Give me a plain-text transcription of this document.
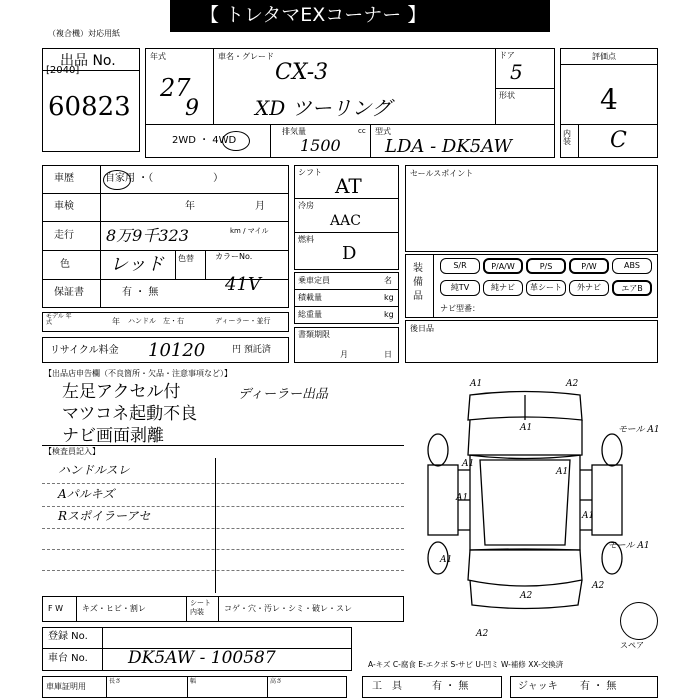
【 トレタマEXコーナー 】
（複合機）対応用紙
出品 No.
[2040]
60823
年式
27
9
車名・グレード
CX-3
XD ツーリング
ドア
5
形状
2WD ・ 4WD
排気量	cc
1500
型式
LDA - DK5AW
評価点
4
内装 C
車歴	自家用 ・（　　　　　　）
車検	年	月
走行 8万9千323	km / マイル
色 レッド 色替	カラーNo.
41V
保証書	有 ・ 無
モデル 年式	年 ハンドル　左・右	ディーラー・並行
リサイクル料金 10120	円 預託済
シフト
AT
冷房
AAC
燃料
D
乗車定員	名
積載量	kg
総重量	kg
書類期限
月	日
セールスポイント
装備品
S/R	P/A/W	P/S	P/W	ABS
純TV	純ナビ	革シート	外ナビ	エアB
ナビ型番：
後日品
【出品店申告欄（不良箇所・欠品・注意事項など）】
左足アクセル付
マツコネ起動不良
ナビ画面剥離
ディーラー出品
【検査員記入】
ハンドルスレ
Aパルキズ
Rスポイラーアセ
F W キズ・ヒビ・割レ
シート 内装	コゲ・穴・汚レ・シミ・破レ・スレ
登録 No.
車台 No. DK5AW - 100587
車庫証明用
長さ	幅	高さ	工　具	有 ・ 無	ジャッキ 有 ・ 無
A-キズ C-腐食 E-エクボ S-サビ U-凹ミ W-補修 XX-交換済
スペア
A1	A2
A1
A1
A1
A1
モール A1
モール A1
A2
A2
A2
A1
A1
